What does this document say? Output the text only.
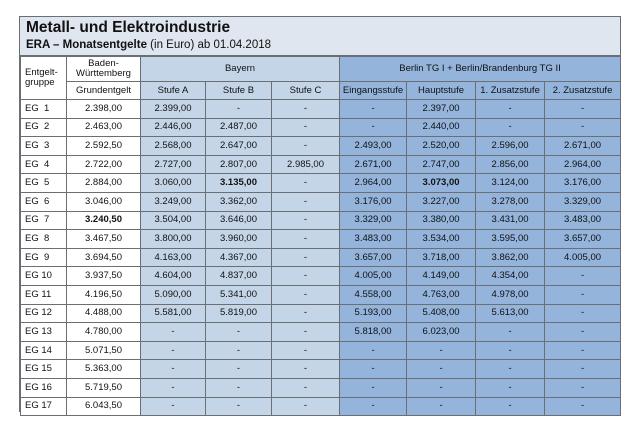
Metall- und Elektroindustrie
ERA – Monatsentgelte (in Euro) ab 01.04.2018
Entgelt-
gruppe	Baden-
Württemberg	Bayern			Berlin TG I + Berlin/Brandenburg TG II			
	Grundentgelt	Stufe A	Stufe B	Stufe C	Eingangsstufe	Hauptstufe	1. Zusatzstufe	2. Zusatzstufe
EG  1	2.398,00	2.399,00	-	-	-	2.397,00	-	-
EG  2	2.463,00	2.446,00	2.487,00	-	-	2.440,00	-	-
EG  3	2.592,50	2.568,00	2.647,00	-	2.493,00	2.520,00	2.596,00	2.671,00
EG  4	2.722,00	2.727,00	2.807,00	2.985,00	2.671,00	2.747,00	2.856,00	2.964,00
EG  5	2.884,00	3.060,00	3.135,00	-	2.964,00	3.073,00	3.124,00	3.176,00
EG  6	3.046,00	3.249,00	3.362,00	-	3.176,00	3.227,00	3.278,00	3.329,00
EG  7	3.240,50	3.504,00	3.646,00	-	3.329,00	3.380,00	3.431,00	3.483,00
EG  8	3.467,50	3.800,00	3.960,00	-	3.483,00	3.534,00	3.595,00	3.657,00
EG  9	3.694,50	4.163,00	4.367,00	-	3.657,00	3.718,00	3.862,00	4.005,00
EG 10	3.937,50	4.604,00	4.837,00	-	4.005,00	4.149,00	4.354,00	-
EG 11	4.196,50	5.090,00	5.341,00	-	4.558,00	4.763,00	4.978,00	-
EG 12	4.488,00	5.581,00	5.819,00	-	5.193,00	5.408,00	5.613,00	-
EG 13	4.780,00	-	-	-	5.818,00	6.023,00	-	-
EG 14	5.071,50	-	-	-	-	-	-	-
EG 15	5.363,00	-	-	-	-	-	-	-
EG 16	5.719,50	-	-	-	-	-	-	-
EG 17	6.043,50	-	-	-	-	-	-	-
